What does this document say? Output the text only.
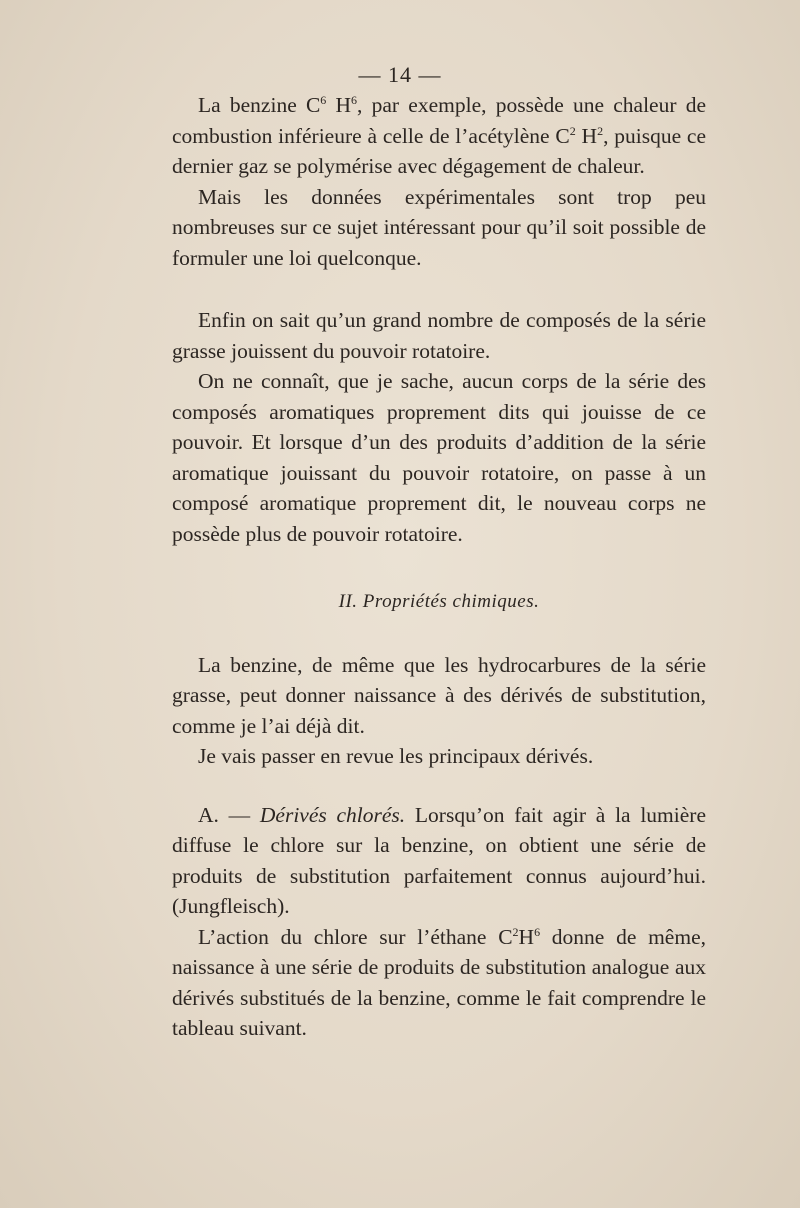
— 14 —

La benzine $C^6$ $H^6$, par exemple, possède une chaleur de combustion inférieure à celle de l’acétylène $C^2$ $H^2$, puisque ce dernier gaz se polymérise avec dégagement de chaleur.

Mais les données expérimentales sont trop peu nombreuses sur ce sujet intéressant pour qu’il soit possible de formuler une loi quelconque.

Enfin on sait qu’un grand nombre de composés de la série grasse jouissent du pouvoir rotatoire.

On ne connaît, que je sache, aucun corps de la série des composés aromatiques proprement dits qui jouisse de ce pouvoir. Et lorsque d’un des produits d’addition de la série aromatique jouissant du pouvoir rotatoire, on passe à un composé aromatique proprement dit, le nouveau corps ne possède plus de pouvoir rotatoire.

II. Propriétés chimiques.

La benzine, de même que les hydrocarbures de la série grasse, peut donner naissance à des dérivés de substitution, comme je l’ai déjà dit.

Je vais passer en revue les principaux dérivés.

A. — Dérivés chlorés. Lorsqu’on fait agir à la lumière diffuse le chlore sur la benzine, on obtient une série de produits de substitution parfaitement connus aujourd’hui. (Jungfleisch).

L’action du chlore sur l’éthane $C^2H^6$ donne de même, naissance à une série de produits de substitution analogue aux dérivés substitués de la benzine, comme le fait comprendre le tableau suivant.
